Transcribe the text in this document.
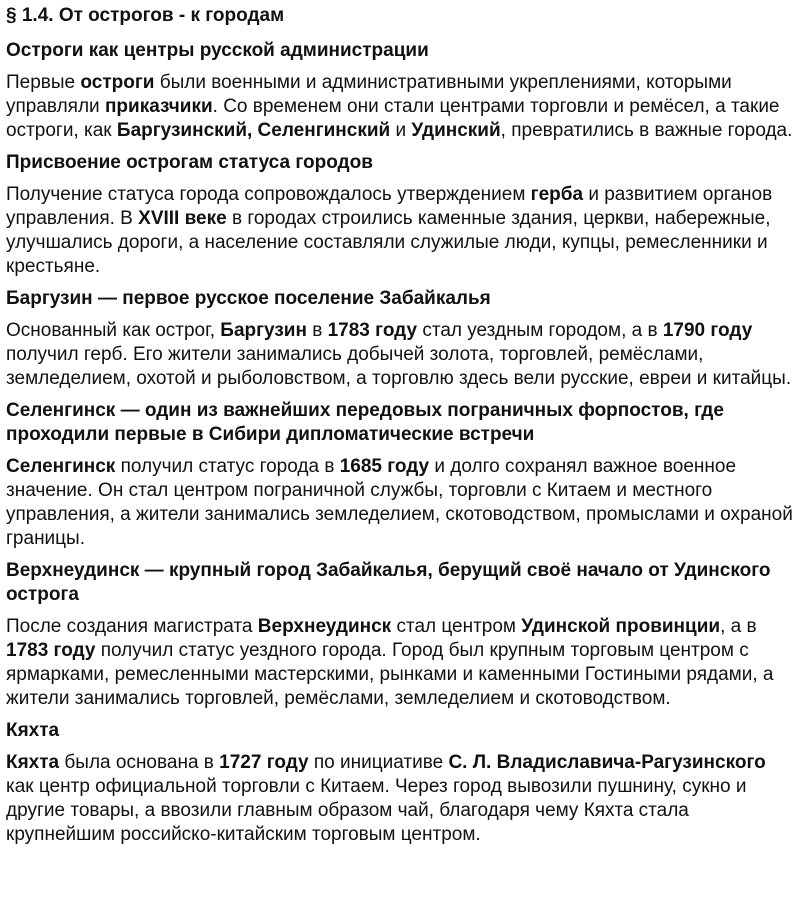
§ 1.4. От острогов - к городам
Остроги как центры русской администрации
Первые остроги были военными и административными укреплениями, которыми управляли приказчики. Со временем они стали центрами торговли и ремёсел, а такие остроги, как Баргузинский, Селенгинский и Удинский, превратились в важные города.
Присвоение острогам статуса городов
Получение статуса города сопровождалось утверждением герба и развитием органов управления. В XVIII веке в городах строились каменные здания, церкви, набережные, улучшались дороги, а население составляли служилые люди, купцы, ремесленники и крестьяне.
Баргузин — первое русское поселение Забайкалья
Основанный как острог, Баргузин в 1783 году стал уездным городом, а в 1790 году получил герб. Его жители занимались добычей золота, торговлей, ремёслами, земледелием, охотой и рыболовством, а торговлю здесь вели русские, евреи и китайцы.
Селенгинск — один из важнейших передовых пограничных форпостов, где проходили первые в Сибири дипломатические встречи
Селенгинск получил статус города в 1685 году и долго сохранял важное военное значение. Он стал центром пограничной службы, торговли с Китаем и местного управления, а жители занимались земледелием, скотоводством, промыслами и охраной границы.
Верхнеудинск — крупный город Забайкалья, берущий своё начало от Удинского острога
После создания магистрата Верхнеудинск стал центром Удинской провинции, а в 1783 году получил статус уездного города. Город был крупным торговым центром с ярмарками, ремесленными мастерскими, рынками и каменными Гостиными рядами, а жители занимались торговлей, ремёслами, земледелием и скотоводством.
Кяхта
Кяхта была основана в 1727 году по инициативе С. Л. Владиславича-Рагузинского как центр официальной торговли с Китаем. Через город вывозили пушнину, сукно и другие товары, а ввозили главным образом чай, благодаря чему Кяхта стала крупнейшим российско-китайским торговым центром.
